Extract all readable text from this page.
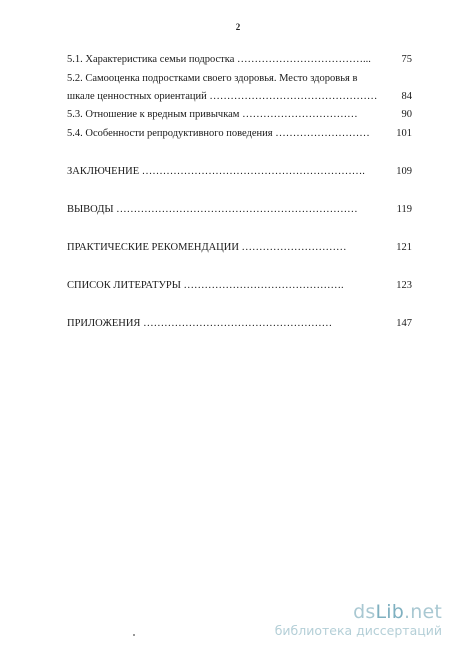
2
5.1. Характеристика семьи подростка ………………………………...	75
5.2. Самооценка подростками своего здоровья. Место здоровья в
шкале ценностных ориентаций …………………………………………	84
5.3. Отношение к вредным привычкам ……………………………	90
5.4. Особенности репродуктивного поведения ………………………	101
ЗАКЛЮЧЕНИЕ ……………………………………………………….	109
ВЫВОДЫ ……………………………………………………………	119
ПРАКТИЧЕСКИЕ РЕКОМЕНДАЦИИ …………………………	121
СПИСОК ЛИТЕРАТУРЫ ……………………………………….	123
ПРИЛОЖЕНИЯ ………………………………………………	147
dsLib.net
библиотека диссертаций
